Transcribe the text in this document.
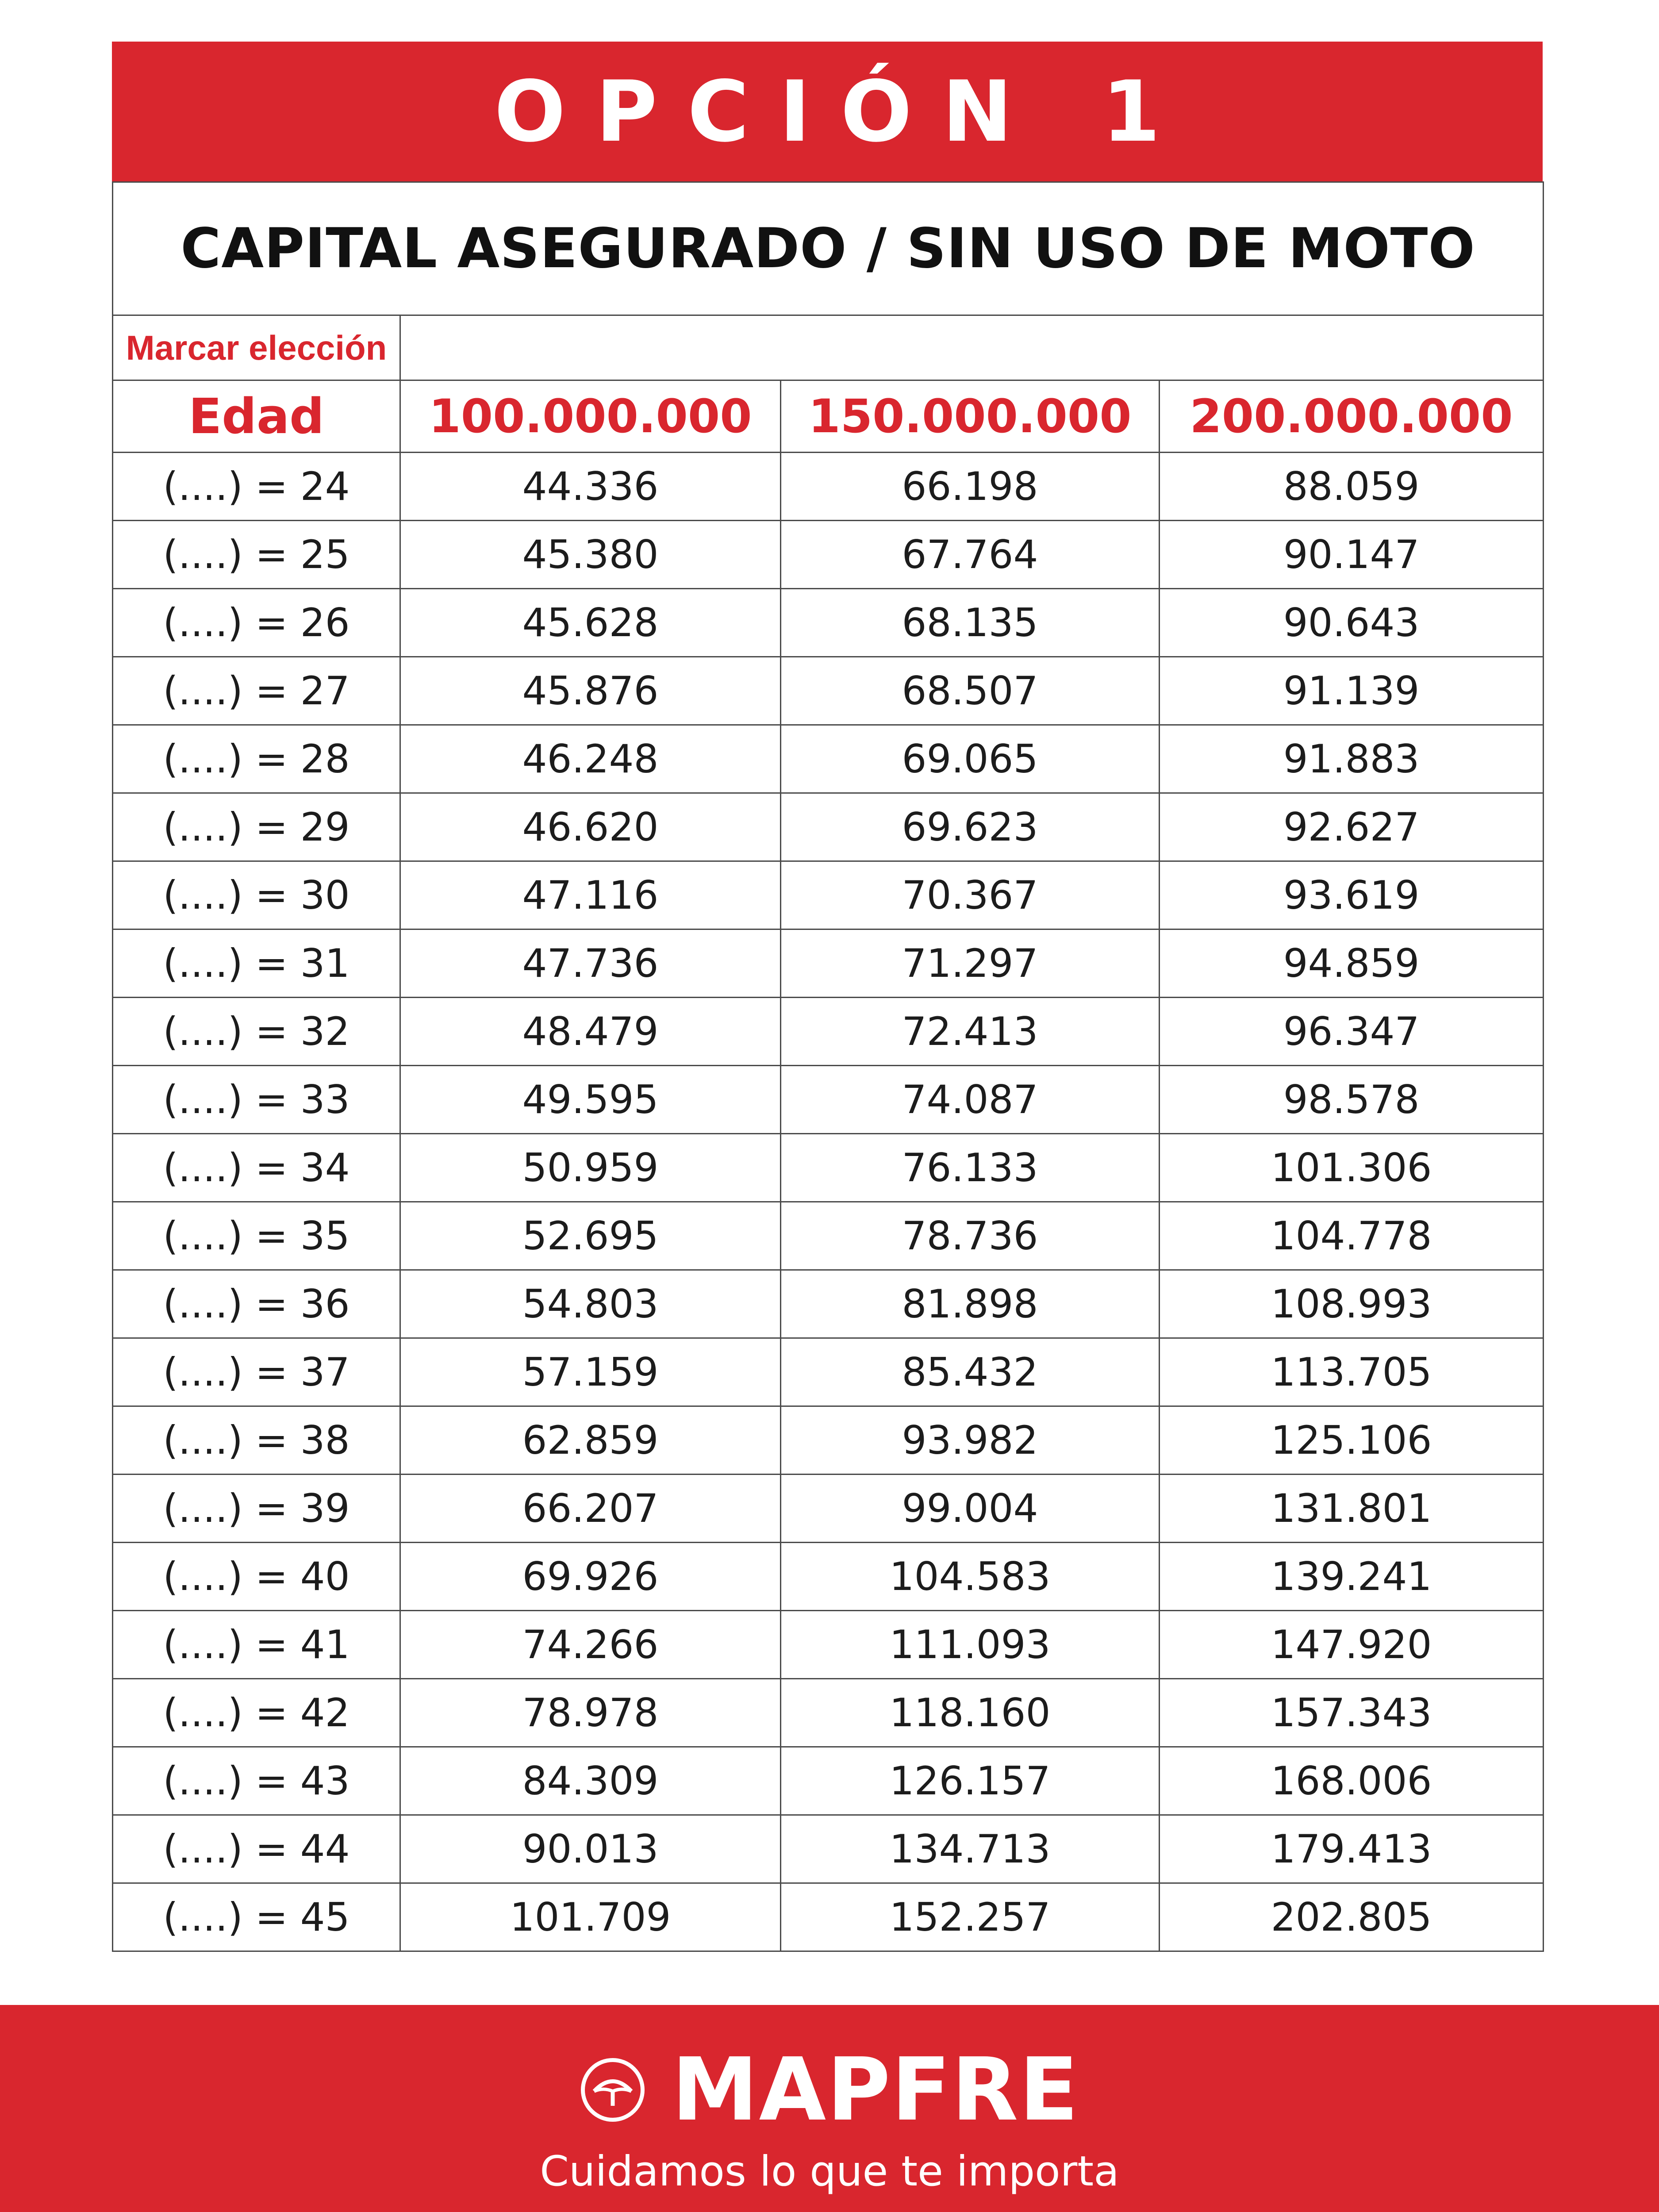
OPCIÓN 1
CAPITAL ASEGURADO / SIN USO DE MOTO			
Marcar elección			
Edad	100.000.000	150.000.000	200.000.000
(....) = 24	44.336	66.198	88.059
(....) = 25	45.380	67.764	90.147
(....) = 26	45.628	68.135	90.643
(....) = 27	45.876	68.507	91.139
(....) = 28	46.248	69.065	91.883
(....) = 29	46.620	69.623	92.627
(....) = 30	47.116	70.367	93.619
(....) = 31	47.736	71.297	94.859
(....) = 32	48.479	72.413	96.347
(....) = 33	49.595	74.087	98.578
(....) = 34	50.959	76.133	101.306
(....) = 35	52.695	78.736	104.778
(....) = 36	54.803	81.898	108.993
(....) = 37	57.159	85.432	113.705
(....) = 38	62.859	93.982	125.106
(....) = 39	66.207	99.004	131.801
(....) = 40	69.926	104.583	139.241
(....) = 41	74.266	111.093	147.920
(....) = 42	78.978	118.160	157.343
(....) = 43	84.309	126.157	168.006
(....) = 44	90.013	134.713	179.413
(....) = 45	101.709	152.257	202.805
MAPFRE
Cuidamos lo que te importa
